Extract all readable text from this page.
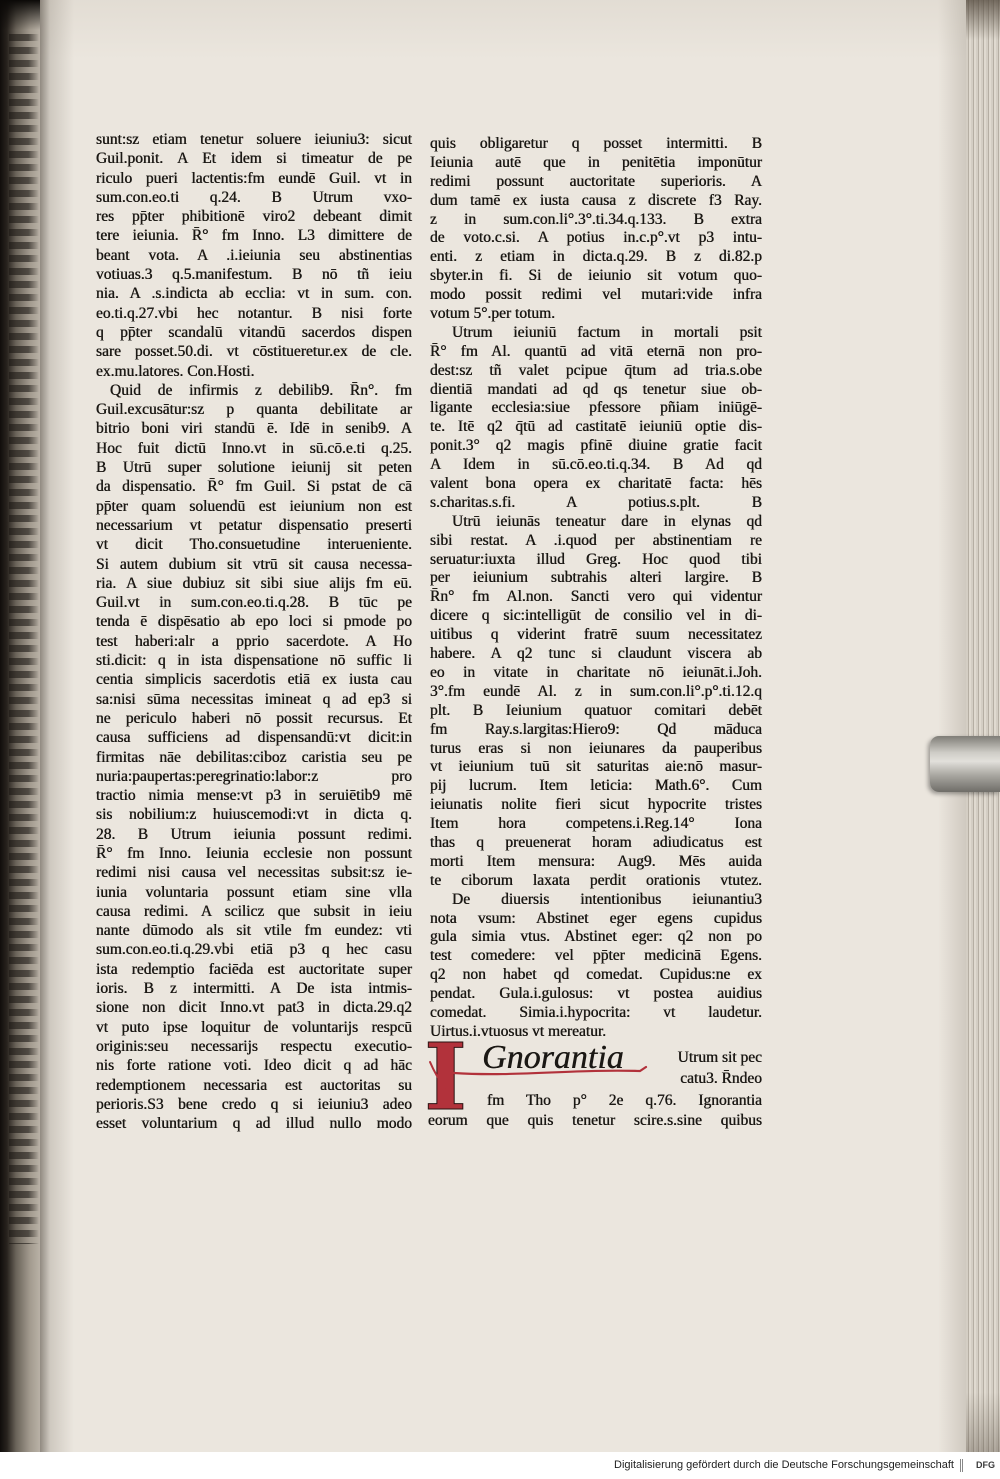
sunt:sz etiam tenetur soluere ieiuniu3: sicut
Guil.ponit. A Et idem si timeatur de pe
riculo pueri lactentis:fm eundē Guil. vt in
sum.con.eo.ti q.24. B Utrum vxo-
res pp̄ter phibitionē viro2 debeant dimit
tere ieiunia. R̄° fm Inno. L3 dimittere de
beant vota. A .i.ieiunia seu abstinentias
votiuas.3 q.5.manifestum. B nō tñ ieiu
nia. A .s.indicta ab ecclia: vt in sum. con.
eo.ti.q.27.vbi hec notantur. B nisi forte
q pp̄ter scandalū vitandū sacerdos dispen
sare posset.50.di. vt cōstitueretur.ex de cle.
ex.mu.latores. Con.Hosti.
Quid de infirmis z debilib9. R̄n°. fm
Guil.excusātur:sz p quanta debilitate ar
bitrio boni viri standū ē. Idē in senib9. A
Hoc fuit dictū Inno.vt in sū.cō.e.ti q.25.
B Utrū super solutione ieiunij sit peten
da dispensatio. R̄° fm Guil. Si pstat de cā
pp̄ter quam soluendū est ieiunium non est
necessarium vt petatur dispensatio preserti
vt dicit Tho.consuetudine interueniente.
Si autem dubium sit vtrū sit causa necessa-
ria. A siue dubiuz sit sibi siue alijs fm eū.
Guil.vt in sum.con.eo.ti.q.28. B tūc pe
tenda ē dispēsatio ab epo loci si pmode po
test haberi:alr a pprio sacerdote. A Ho
sti.dicit: q in ista dispensatione nō suffic li
centia simplicis sacerdotis etiā ex iusta cau
sa:nisi sūma necessitas imineat q ad ep3 si
ne periculo haberi nō possit recursus. Et
causa sufficiens ad dispensandū:vt dicit:in
firmitas nāe debilitas:ciboz caristia seu pe
nuria:paupertas:peregrinatio:labor:z pro
tractio nimia mense:vt p3 in seruiētib9 mē
sis nobilium:z huiuscemodi:vt in dicta q.
28. B Utrum ieiunia possunt redimi.
R̄° fm Inno. Ieiunia ecclesie non possunt
redimi nisi causa vel necessitas subsit:sz ie-
iunia voluntaria possunt etiam sine vlla
causa redimi. A scilicz que subsit in ieiu
nante dūmodo als sit vtile fm eundez: vti
sum.con.eo.ti.q.29.vbi etiā p3 q hec casu
ista redemptio faciēda est auctoritate super
ioris. B z intermitti. A De ista intmis-
sione non dicit Inno.vt pat3 in dicta.29.q2
vt puto ipse loquitur de voluntarijs respcū
originis:seu necessarijs respectu executio-
nis forte ratione voti. Ideo dicit q ad hāc
redemptionem necessaria est auctoritas su
perioris.S3 bene credo q si ieiuniu3 adeo
esset voluntarium q ad illud nullo modo
quis obligaretur q posset intermitti. B
Ieiunia autē que in penitētia imponūtur
redimi possunt auctoritate superioris. A
dum tamē ex iusta causa z discrete f3 Ray.
z in sum.con.li°.3°.ti.34.q.133. B extra
de voto.c.si. A potius in.c.p°.vt p3 intu-
enti. z etiam in dicta.q.29. B z di.82.p
sbyter.in fi. Si de ieiunio sit votum quo-
modo possit redimi vel mutari:vide infra
votum 5°.per totum.
Utrum ieiuniū factum in mortali psit
R̄° fm Al. quantū ad vitā eternā non pro-
dest:sz tñ valet pcipue q̄tum ad tria.s.obe
dientiā mandati ad qd qs tenetur siue ob-
ligante ecclesia:siue pfessore pñiam iniūgē-
te. Itē q2 q̄tū ad castitatē ieiuniū optie dis-
ponit.3° q2 magis pfinē diuine gratie facit
A Idem in sū.cō.eo.ti.q.34. B Ad qd
valent bona opera ex charitatē facta: hēs
s.charitas.s.fi. A potius.s.plt. B
Utrū ieiunās teneatur dare in elynas qd
sibi restat. A .i.quod per abstinentiam re
seruatur:iuxta illud Greg. Hoc quod tibi
per ieiunium subtrahis alteri largire. B
R̄n° fm Al.non. Sancti vero qui videntur
dicere q sic:intelligūt de consilio vel in di-
uitibus q viderint fratrē suum necessitatez
habere. A q2 tunc si claudunt viscera ab
eo in vitate in charitate nō ieiunāt.i.Joh.
3°.fm eundē Al. z in sum.con.li°.p°.ti.12.q
plt. B Ieiunium quatuor comitari debēt
fm Ray.s.largitas:Hiero9: Qd māduca
turus eras si non ieiunares da pauperibus
vt ieiunium tuū sit saturitas aie:nō masur-
pij lucrum. Item leticia: Math.6°. Cum
ieiunatis nolite fieri sicut hypocrite tristes
Item hora competens.i.Reg.14° Iona
thas q preuenerat horam adiudicatus est
morti Item mensura: Aug9. Mēs auida
te ciborum laxata perdit orationis vtutez.
De diuersis intentionibus ieiunantiu3
nota vsum: Abstinet eger egens cupidus
gula simia vtus. Abstinet eger: q2 non po
test comedere: vel pp̄ter medicinā Egens.
q2 non habet qd comedat. Cupidus:ne ex
pendat. Gula.i.gulosus: vt postea auidius
comedat. Simia.i.hypocrita: vt laudetur.
Uirtus.i.vtuosus vt mereatur.
I Gnorantia	Utrum sit pec
catu3. R̄ndeo
fm Tho p° 2e q.76. Ignorantia
eorum que quis tenetur scire.s.sine quibus
Digitalisierung gefördert durch die Deutsche Forschungsgemeinschaft	DFG
